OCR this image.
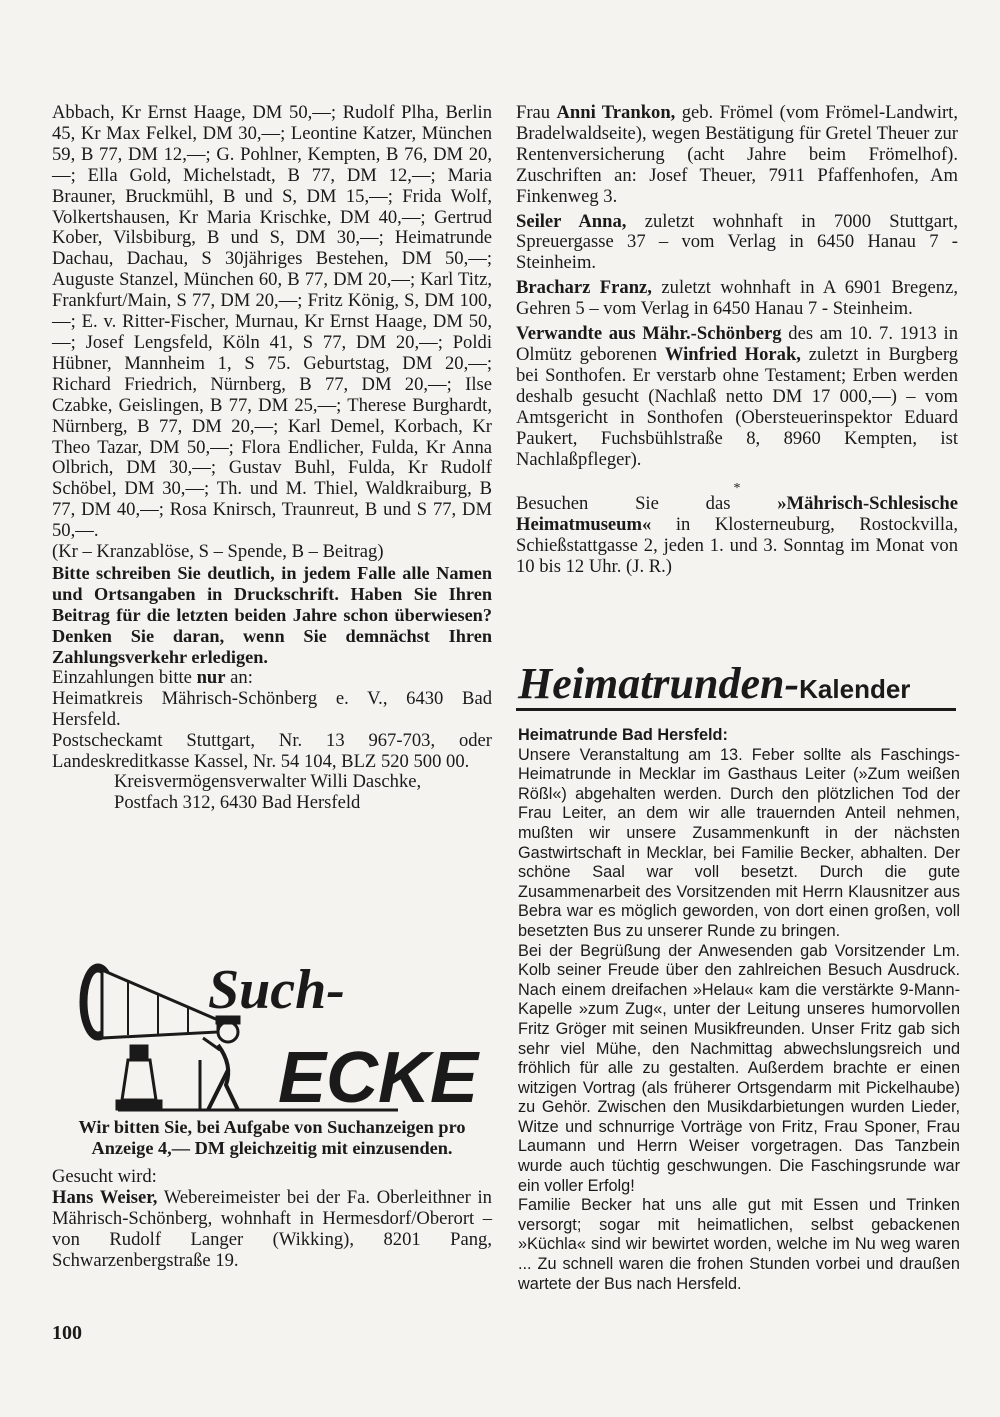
Abbach, Kr Ernst Haage, DM 50,—; Rudolf Plha, Berlin 45, Kr Max Felkel, DM 30,—; Leontine Katzer, München 59, B 77, DM 12,—; G. Pohlner, Kempten, B 76, DM 20,—; Ella Gold, Michelstadt, B 77, DM 12,—; Maria Brauner, Bruckmühl, B und S, DM 15,—; Frida Wolf, Volkertshausen, Kr Maria Krischke, DM 40,—; Gertrud Kober, Vilsbiburg, B und S, DM 30,—; Heimatrunde Dachau, Dachau, S 30jähriges Bestehen, DM 50,—; Auguste Stanzel, München 60, B 77, DM 20,—; Karl Titz, Frankfurt/Main, S 77, DM 20,—; Fritz König, S, DM 100,—; E. v. Ritter-Fischer, Murnau, Kr Ernst Haage, DM 50,—; Josef Lengsfeld, Köln 41, S 77, DM 20,—; Poldi Hübner, Mannheim 1, S 75. Geburtstag, DM 20,—; Richard Friedrich, Nürnberg, B 77, DM 20,—; Ilse Czabke, Geislingen, B 77, DM 25,—; Therese Burghardt, Nürnberg, B 77, DM 20,—; Karl Demel, Korbach, Kr Theo Tazar, DM 50,—; Flora Endlicher, Fulda, Kr Anna Olbrich, DM 30,—; Gustav Buhl, Fulda, Kr Rudolf Schöbel, DM 30,—; Th. und M. Thiel, Waldkraiburg, B 77, DM 40,—; Rosa Knirsch, Traunreut, B und S 77, DM 50,—.

(Kr – Kranzablöse, S – Spende, B – Beitrag)

Bitte schreiben Sie deutlich, in jedem Falle alle Namen und Ortsangaben in Druckschrift. Haben Sie Ihren Beitrag für die letzten beiden Jahre schon überwiesen? Denken Sie daran, wenn Sie demnächst Ihren Zahlungsverkehr erledigen.

Einzahlungen bitte nur an:

Heimatkreis Mährisch-Schönberg e. V., 6430 Bad Hersfeld.

Postscheckamt Stuttgart, Nr. 13 967-703, oder Landeskreditkasse Kassel, Nr. 54 104, BLZ 520 500 00.

Kreisvermögensverwalter Willi Daschke,
Postfach 312, 6430 Bad Hersfeld
Such-
ECKE

Wir bitten Sie, bei Aufgabe von Suchanzeigen pro Anzeige 4,— DM gleichzeitig mit einzusenden.

Gesucht wird:

Hans Weiser, Webereimeister bei der Fa. Oberleithner in Mährisch-Schönberg, wohnhaft in Hermesdorf/Oberort – von Rudolf Langer (Wikking), 8201 Pang, Schwarzenbergstraße 19.

Frau Anni Trankon, geb. Frömel (vom Frömel-Landwirt, Bradelwaldseite), wegen Bestätigung für Gretel Theuer zur Rentenversicherung (acht Jahre beim Frömelhof). Zuschriften an: Josef Theuer, 7911 Pfaffenhofen, Am Finkenweg 3.

Seiler Anna, zuletzt wohnhaft in 7000 Stuttgart, Spreuergasse 37 – vom Verlag in 6450 Hanau 7 - Steinheim.

Bracharz Franz, zuletzt wohnhaft in A 6901 Bregenz, Gehren 5 – vom Verlag in 6450 Hanau 7 - Steinheim.

Verwandte aus Mähr.-Schönberg des am 10. 7. 1913 in Olmütz geborenen Winfried Horak, zuletzt in Burgberg bei Sonthofen. Er verstarb ohne Testament; Erben werden deshalb gesucht (Nachlaß netto DM 17 000,—) – vom Amtsgericht in Sonthofen (Obersteuerinspektor Eduard Paukert, Fuchsbühlstraße 8, 8960 Kempten, ist Nachlaßpfleger).

*

Besuchen Sie das »Mährisch-Schlesische Heimatmuseum« in Klosterneuburg, Rostockvilla, Schießstattgasse 2, jeden 1. und 3. Sonntag im Monat von 10 bis 12 Uhr. (J. R.)

Heimatrunden-Kalender

Heimatrunde Bad Hersfeld:

Unsere Veranstaltung am 13. Feber sollte als Faschings-Heimatrunde in Mecklar im Gasthaus Leiter (»Zum weißen Rößl«) abgehalten werden. Durch den plötzlichen Tod der Frau Leiter, an dem wir alle trauernden Anteil nehmen, mußten wir unsere Zusammenkunft in der nächsten Gastwirtschaft in Mecklar, bei Familie Becker, abhalten. Der schöne Saal war voll besetzt. Durch die gute Zusammenarbeit des Vorsitzenden mit Herrn Klausnitzer aus Bebra war es möglich geworden, von dort einen großen, voll besetzten Bus zu unserer Runde zu bringen.

Bei der Begrüßung der Anwesenden gab Vorsitzender Lm. Kolb seiner Freude über den zahlreichen Besuch Ausdruck. Nach einem dreifachen »Helau« kam die verstärkte 9-Mann-Kapelle »zum Zug«, unter der Leitung unseres humorvollen Fritz Gröger mit seinen Musikfreunden. Unser Fritz gab sich sehr viel Mühe, den Nachmittag abwechslungsreich und fröhlich für alle zu gestalten. Außerdem brachte er einen witzigen Vortrag (als früherer Ortsgendarm mit Pickelhaube) zu Gehör. Zwischen den Musikdarbietungen wurden Lieder, Witze und schnurrige Vorträge von Fritz, Frau Sponer, Frau Laumann und Herrn Weiser vorgetragen. Das Tanzbein wurde auch tüchtig geschwungen. Die Faschingsrunde war ein voller Erfolg!

Familie Becker hat uns alle gut mit Essen und Trinken versorgt; sogar mit heimatlichen, selbst gebackenen »Küchla« sind wir bewirtet worden, welche im Nu weg waren ... Zu schnell waren die frohen Stunden vorbei und draußen wartete der Bus nach Hersfeld.

100
